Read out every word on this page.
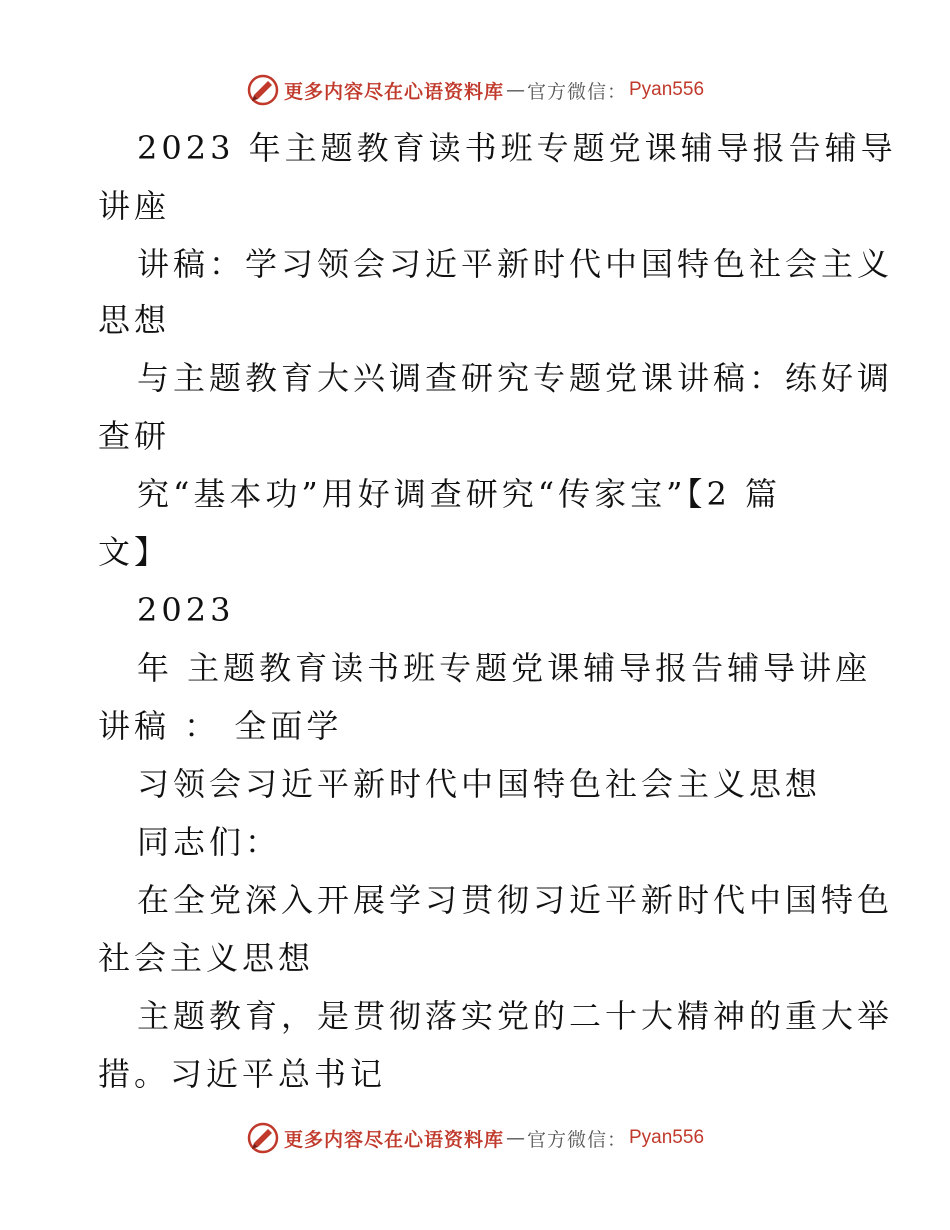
更多内容尽在心语资料库 — 官方微信： Pyan556
2023 年主题教育读书班专题党课辅导报告辅导
讲座
讲稿：学习领会习近平新时代中国特色社会主义
思想
与主题教育大兴调查研究专题党课讲稿：练好调
查研
究“基本功”用好调查研究“传家宝”【2 篇
文】
2023
年 主题教育读书班专题党课辅导报告辅导讲座
讲稿 ： 全面学
习领会习近平新时代中国特色社会主义思想
同志们：
在全党深入开展学习贯彻习近平新时代中国特色
社会主义思想
主题教育，是贯彻落实党的二十大精神的重大举
措。习近平总书记
更多内容尽在心语资料库 — 官方微信： Pyan556
